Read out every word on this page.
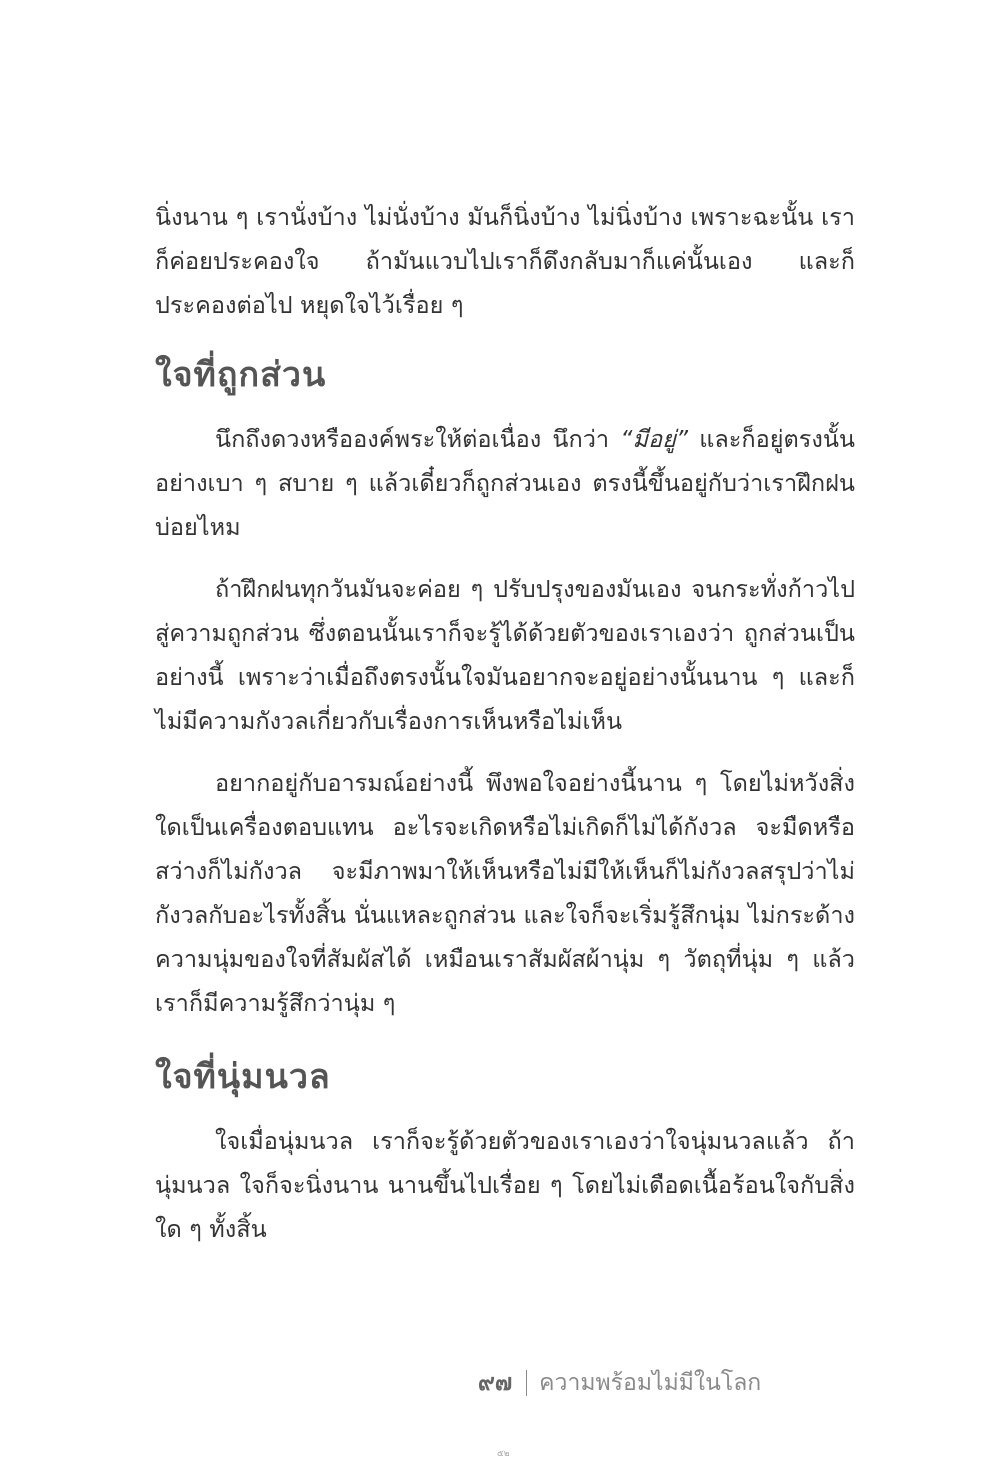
นิ่งนาน ๆ เรานั่งบ้าง ไม่นั่งบ้าง มันก็นิ่งบ้าง ไม่นิ่งบ้าง เพราะฉะนั้น เราก็ค่อยประคองใจ ถ้ามันแวบไปเราก็ดึงกลับมาก็แค่นั้นเอง และก็ประคองต่อไป หยุดใจไว้เรื่อย ๆ

ใจที่ถูกส่วน

นึกถึงดวงหรือองค์พระให้ต่อเนื่อง นึกว่า “มีอยู่” และก็อยู่ตรงนั้นอย่างเบา ๆ สบาย ๆ แล้วเดี๋ยวก็ถูกส่วนเอง ตรงนี้ขึ้นอยู่กับว่าเราฝึกฝนบ่อยไหม

ถ้าฝึกฝนทุกวันมันจะค่อย ๆ ปรับปรุงของมันเอง จนกระทั่งก้าวไปสู่ความถูกส่วน ซึ่งตอนนั้นเราก็จะรู้ได้ด้วยตัวของเราเองว่า ถูกส่วนเป็นอย่างนี้ เพราะว่าเมื่อถึงตรงนั้นใจมันอยากจะอยู่อย่างนั้นนาน ๆ และก็ไม่มีความกังวลเกี่ยวกับเรื่องการเห็นหรือไม่เห็น

อยากอยู่กับอารมณ์อย่างนี้ พึงพอใจอย่างนี้นาน ๆ โดยไม่หวังสิ่งใดเป็นเครื่องตอบแทน อะไรจะเกิดหรือไม่เกิดก็ไม่ได้กังวล จะมืดหรือสว่างก็ไม่กังวล จะมีภาพมาให้เห็นหรือไม่มีให้เห็นก็ไม่กังวลสรุปว่าไม่กังวลกับอะไรทั้งสิ้น นั่นแหละถูกส่วน และใจก็จะเริ่มรู้สึกนุ่ม ไม่กระด้าง ความนุ่มของใจที่สัมผัสได้ เหมือนเราสัมผัสผ้านุ่ม ๆ วัตถุที่นุ่ม ๆ แล้วเราก็มีความรู้สึกว่านุ่ม ๆ

ใจที่นุ่มนวล

ใจเมื่อนุ่มนวล เราก็จะรู้ด้วยตัวของเราเองว่าใจนุ่มนวลแล้ว ถ้านุ่มนวล ใจก็จะนิ่งนาน นานขึ้นไปเรื่อย ๆ โดยไม่เดือดเนื้อร้อนใจกับสิ่งใด ๆ ทั้งสิ้น

๙๗ ความพร้อมไม่มีในโลก
๕๒
